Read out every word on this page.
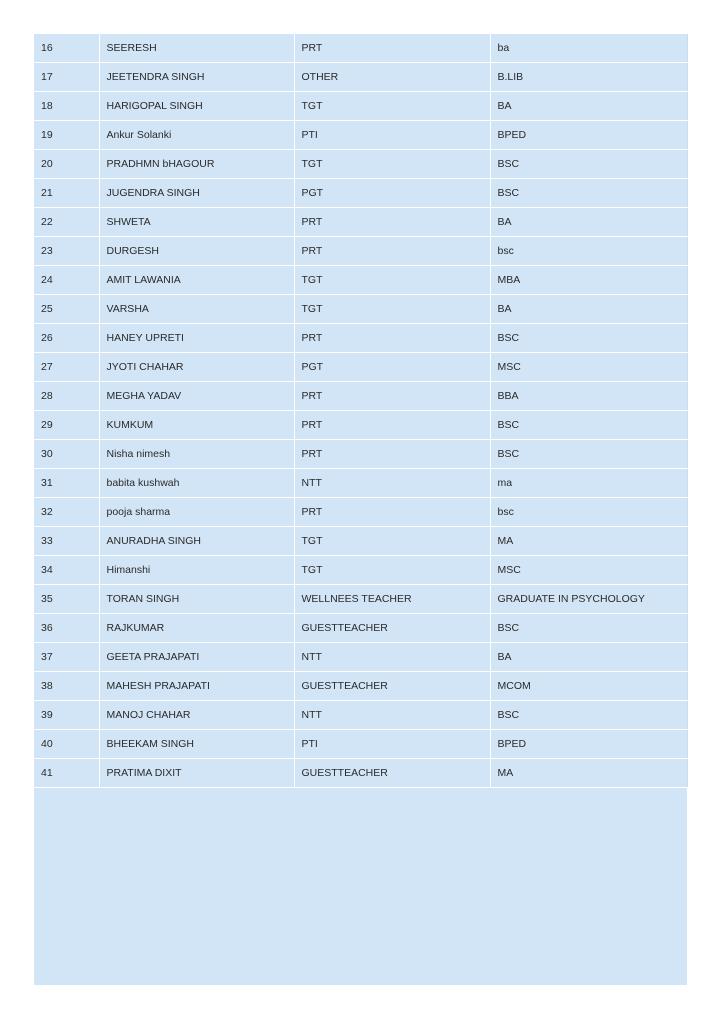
16	SEERESH	PRT	ba
17	JEETENDRA SINGH	OTHER	B.LIB
18	HARIGOPAL SINGH	TGT	BA
19	Ankur Solanki	PTI	BPED
20	PRADHMN bHAGOUR	TGT	BSC
21	JUGENDRA SINGH	PGT	BSC
22	SHWETA	PRT	BA
23	DURGESH	PRT	bsc
24	AMIT LAWANIA	TGT	MBA
25	VARSHA	TGT	BA
26	HANEY UPRETI	PRT	BSC
27	JYOTI CHAHAR	PGT	MSC
28	MEGHA YADAV	PRT	BBA
29	KUMKUM	PRT	BSC
30	Nisha nimesh	PRT	BSC
31	babita kushwah	NTT	ma
32	pooja sharma	PRT	bsc
33	ANURADHA SINGH	TGT	MA
34	Himanshi	TGT	MSC
35	TORAN SINGH	WELLNEES TEACHER	GRADUATE IN PSYCHOLOGY
36	RAJKUMAR	GUESTTEACHER	BSC
37	GEETA PRAJAPATI	NTT	BA
38	MAHESH PRAJAPATI	GUESTTEACHER	MCOM
39	MANOJ CHAHAR	NTT	BSC
40	BHEEKAM SINGH	PTI	BPED
41	PRATIMA DIXIT	GUESTTEACHER	MA
